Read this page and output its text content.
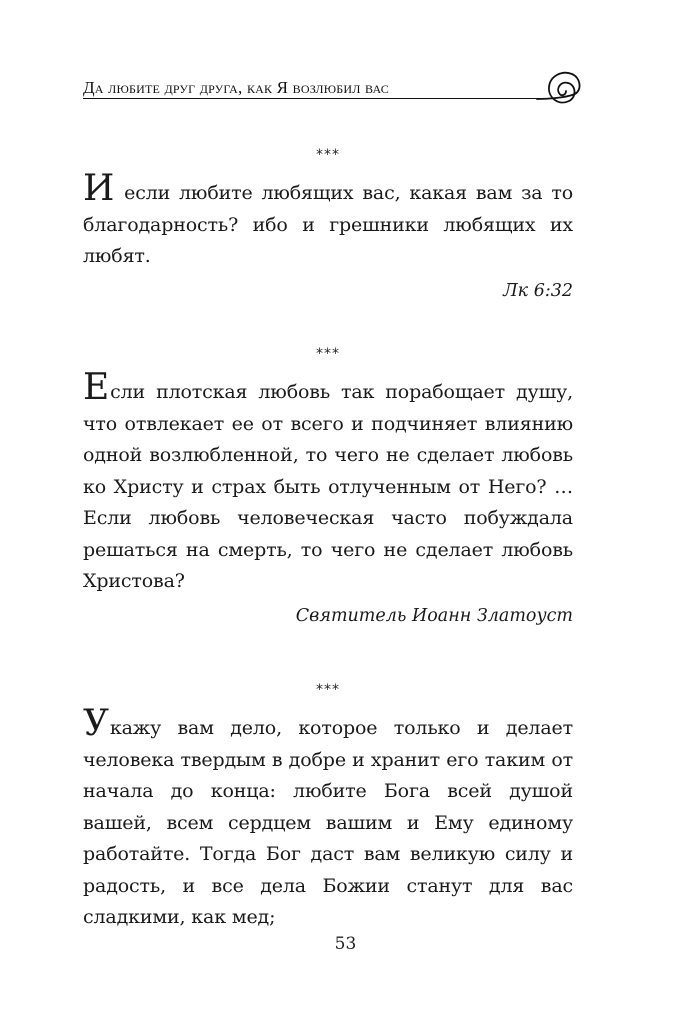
Да любите друг друга, как Я возлюбил вас
***
И если любите любящих вас, какая вам за то благодарность? ибо и грешники любящих их любят.
Лк 6:32
***
Если плотская любовь так порабощает душу, что отвлекает ее от всего и подчиняет влиянию одной возлюбленной, то чего не сделает любовь ко Христу и страх быть отлученным от Него? …Если любовь человеческая часто побуждала решаться на смерть, то чего не сделает любовь Христова?
Святитель Иоанн Златоуст
***
Укажу вам дело, которое только и делает человека твердым в добре и хранит его таким от начала до конца: любите Бога всей душой вашей, всем сердцем вашим и Ему единому работайте. Тогда Бог даст вам великую силу и радость, и все дела Божии станут для вас сладкими, как мед;
53
